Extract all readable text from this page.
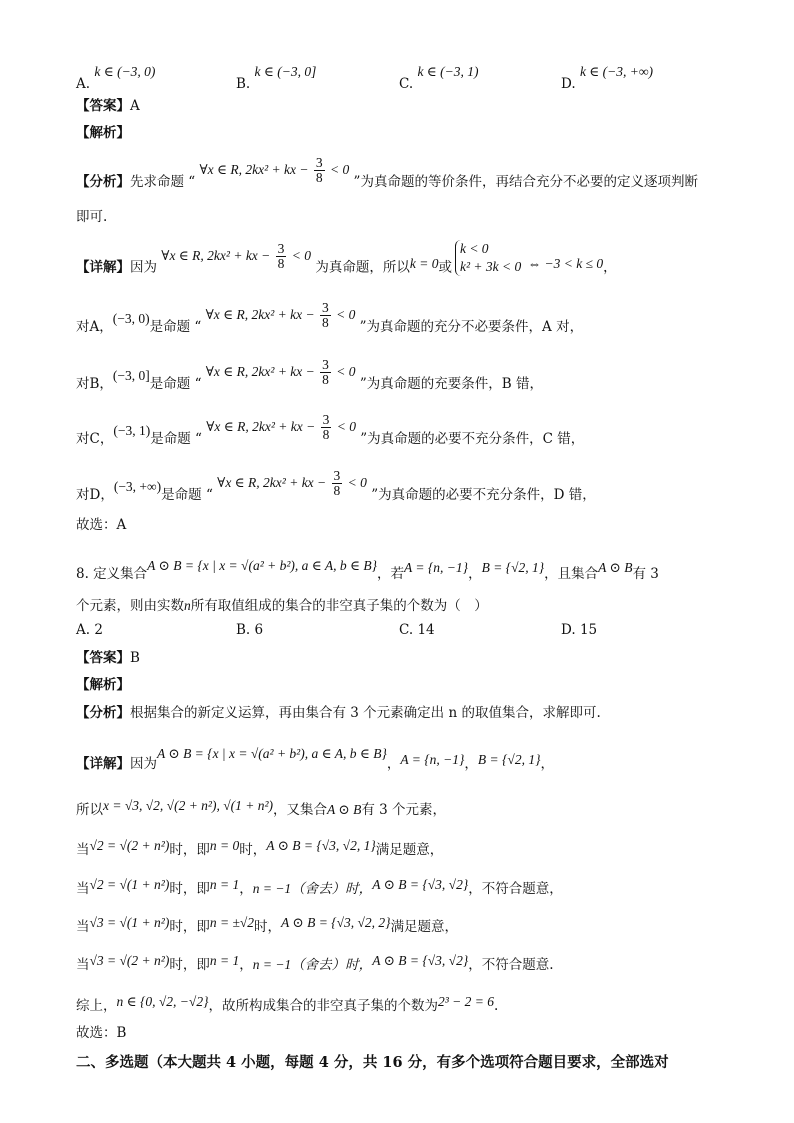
A. k ∈ (−3, 0)
B. k ∈ (−3, 0]
C. k ∈ (−3, 1)
D. k ∈ (−3, +∞)
【答案】A
【解析】
【分析】先求命题 “ ∀x ∈ R, 2kx² + kx − $\frac{3}{8} < 0$ ”为真命题的等价条件，再结合充分不必要的定义逐项判断
即可.
【详解】因为 ∀x ∈ R, 2kx² + kx − $\frac{3}{8} < 0$ 为真命题，所以k = 0或
k < 0
k² + 3k < 0 ⇔ −3 < k ≤ 0，
对A，(−3, 0)是命题 “ ∀x ∈ R, 2kx² + kx − $\frac{3}{8} < 0$ ”为真命题的充分不必要条件，A 对，
对B，(−3, 0]是命题 “ ∀x ∈ R, 2kx² + kx − $\frac{3}{8} < 0$ ”为真命题的充要条件，B 错，
对C，(−3, 1)是命题 “ ∀x ∈ R, 2kx² + kx − $\frac{3}{8} < 0$ ”为真命题的必要不充分条件，C 错，
对D，(−3, +∞)是命题 “ ∀x ∈ R, 2kx² + kx − $\frac{3}{8} < 0$ ”为真命题的必要不充分条件，D 错，
故选：A
8. 定义集合A ⊙ B = {x | x = √(a² + b²), a ∈ A, b ∈ B}，若A = {n, −1}，B = {√2, 1}，且集合A ⊙ B有 3
个元素，则由实数n所有取值组成的集合的非空真子集的个数为（　）
A. 2	B. 6	C. 14	D. 15
【答案】B
【解析】
【分析】根据集合的新定义运算，再由集合有 3 个元素确定出 n 的取值集合，求解即可.
【详解】因为A ⊙ B = {x | x = √(a² + b²), a ∈ A, b ∈ B}，A = {n, −1}，B = {√2, 1}，
所以x = √3, √2, √(2 + n²), √(1 + n²)，又集合A ⊙ B有 3 个元素，
当√2 = √(2 + n²)时，即n = 0时，A ⊙ B = {√3, √2, 1}满足题意，
当√2 = √(1 + n²)时，即n = 1，n = −1（舍去）时，A ⊙ B = {√3, √2}，不符合题意，
当√3 = √(1 + n²)时，即n = ±√2时，A ⊙ B = {√3, √2, 2}满足题意，
当√3 = √(2 + n²)时，即n = 1，n = −1（舍去）时，A ⊙ B = {√3, √2}，不符合题意.
综上，n ∈ {0, √2, −√2}，故所构成集合的非空真子集的个数为2³ − 2 = 6.
故选：B
二、多选题（本大题共 4 小题，每题 4 分，共 16 分，有多个选项符合题目要求，全部选对
